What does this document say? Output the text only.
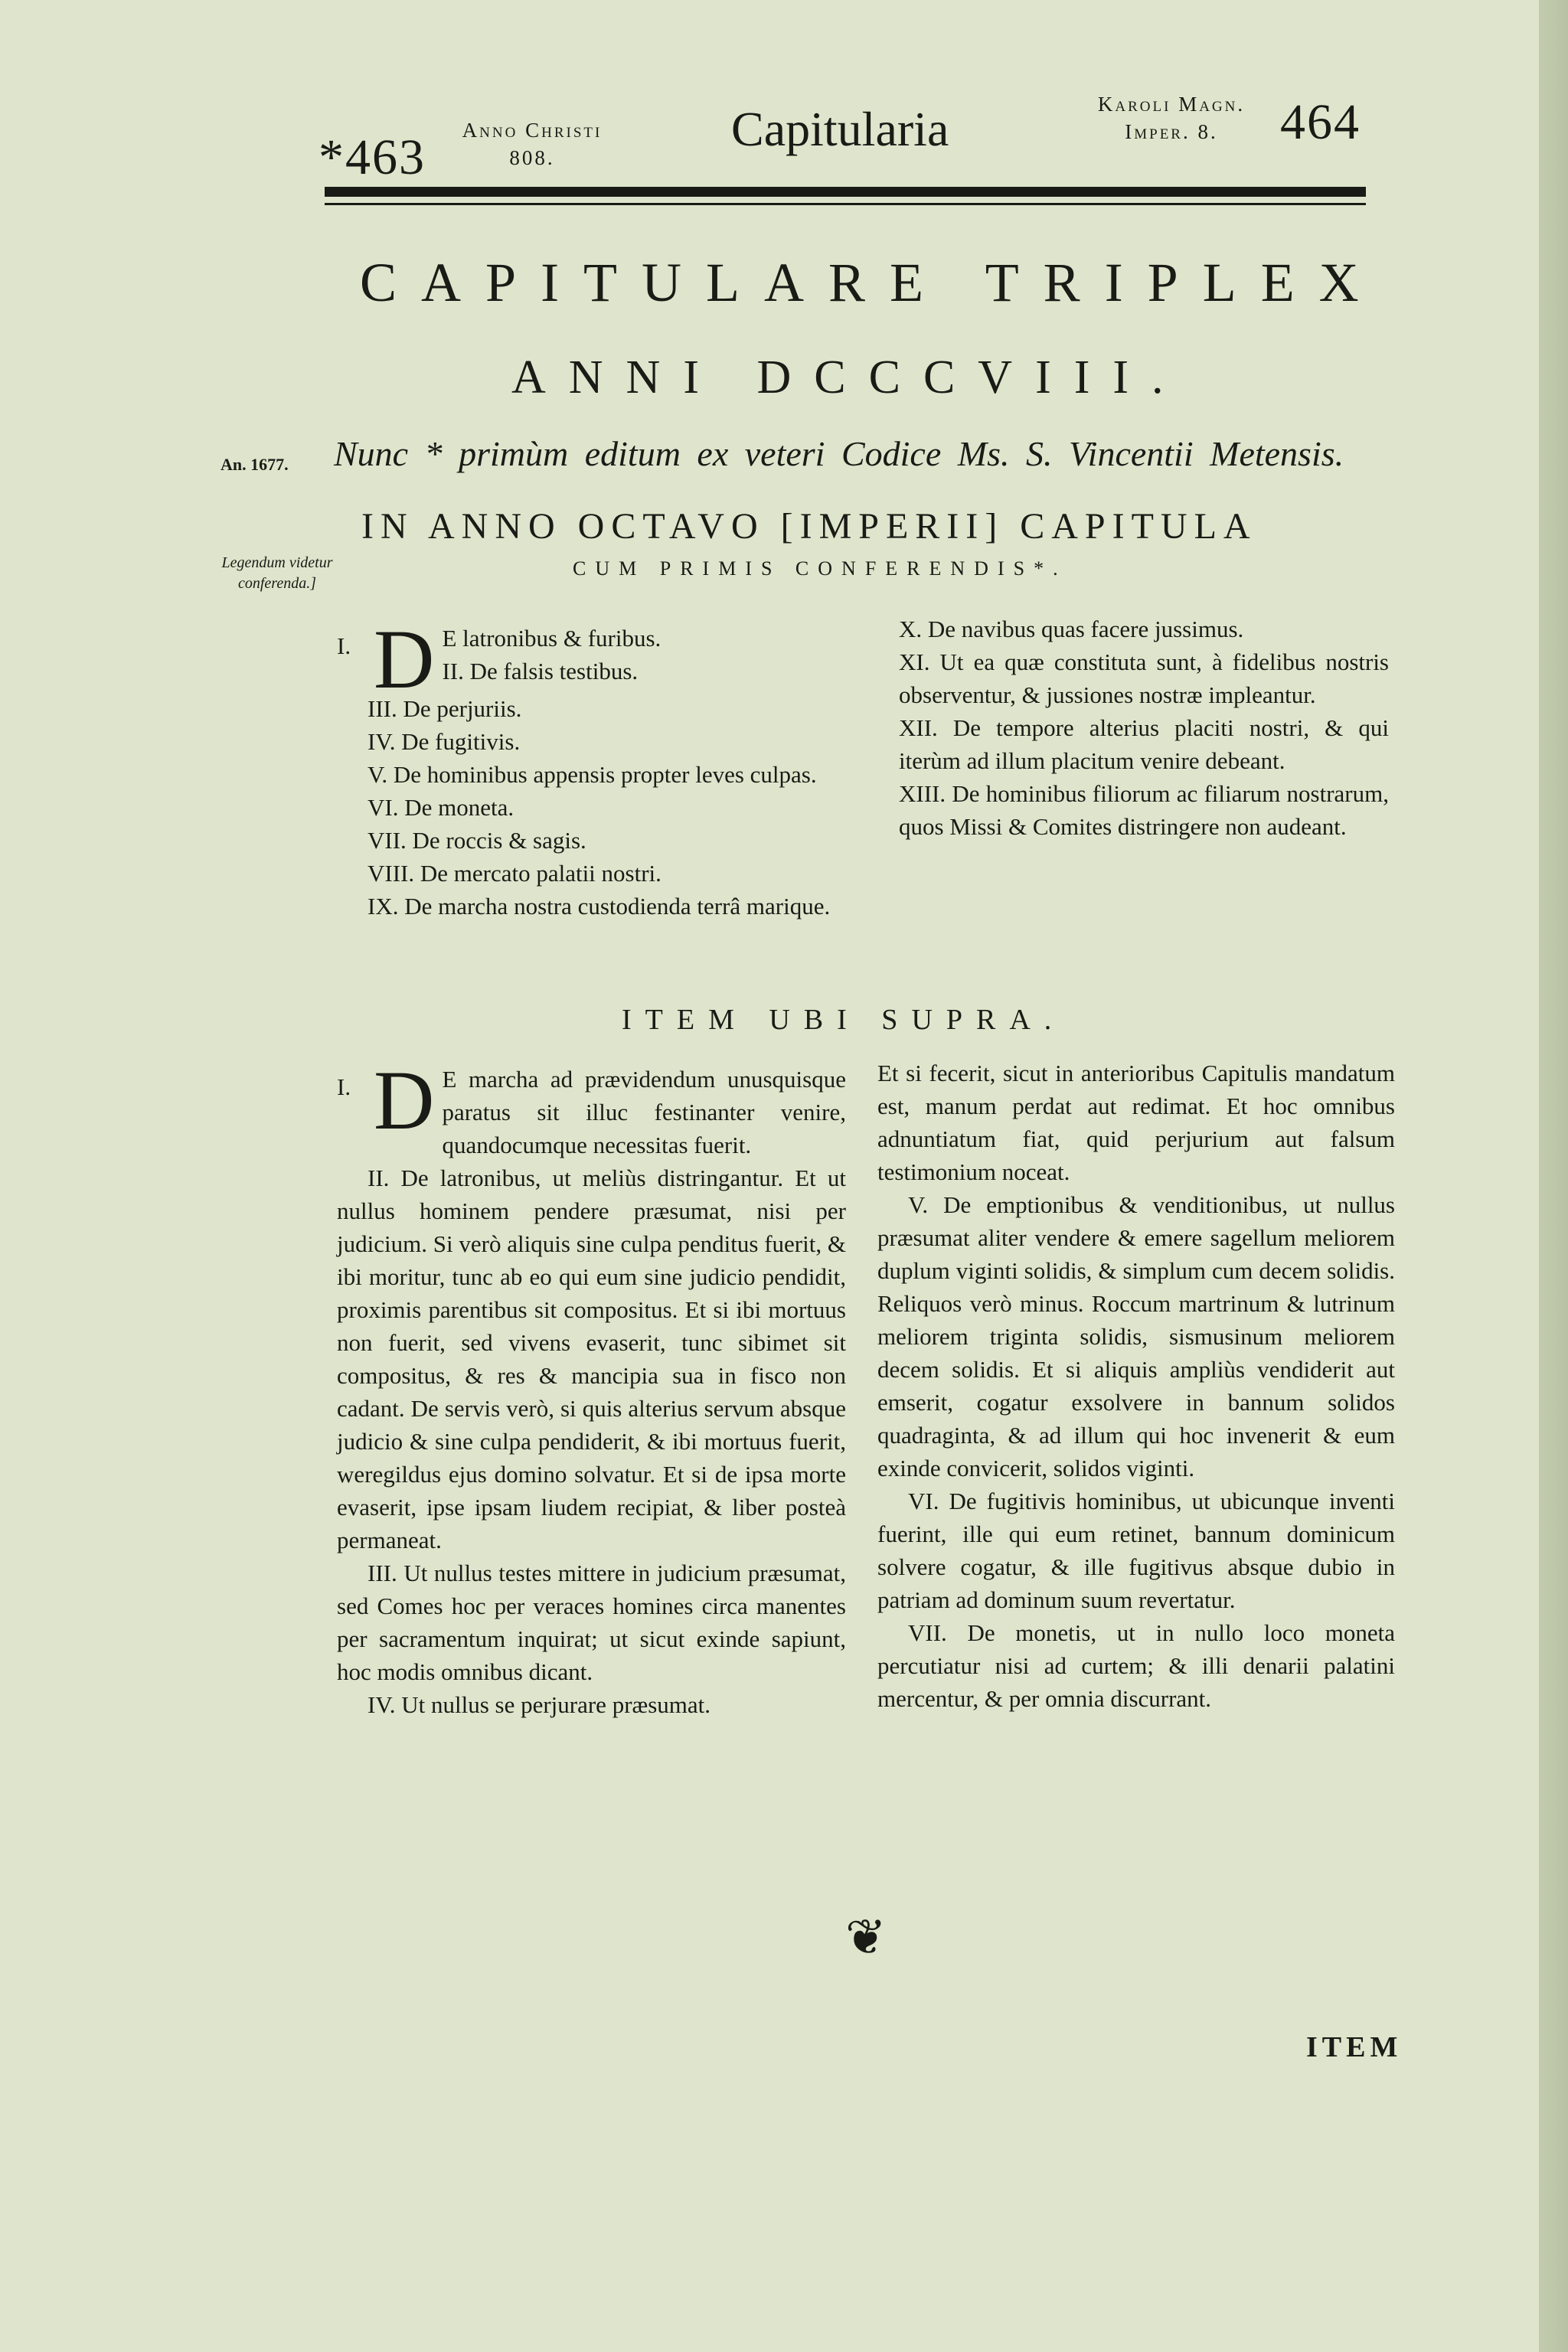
*463	Anno Christi
808.
Capitularia	Karoli Magn.
Imper. 8.	464
CAPITULARE TRIPLEX
ANNI DCCCVIII.
An. 1677. Nunc * primùm editum ex veteri Codice Ms. S. Vincentii Metensis.
IN ANNO OCTAVO [IMPERII] CAPITULA
CUM PRIMIS CONFERENDIS*.
Legendum videtur conferenda.]
I. D E latronibus & furibus.

II. De falsis testibus.

III. De perjuriis.

IV. De fugitivis.

V. De hominibus appensis propter leves culpas.

VI. De moneta.

VII. De roccis & sagis.

VIII. De mercato palatii nostri.

IX. De marcha nostra custodienda terrâ marique.

X. De navibus quas facere jussimus.

XI. Ut ea quæ constituta sunt, à fidelibus nostris observentur, & jussiones nostræ impleantur.

XII. De tempore alterius placiti nostri, & qui iterùm ad illum placitum venire debeant.

XIII. De hominibus filiorum ac filiarum nostrarum, quos Missi & Comites distringere non audeant.

ITEM UBI SUPRA.
I. D E marcha ad prævidendum unusquisque paratus sit illuc festinanter venire, quandocumque necessitas fuerit.

II. De latronibus, ut meliùs distringantur. Et ut nullus hominem pendere præsumat, nisi per judicium. Si verò aliquis sine culpa penditus fuerit, & ibi moritur, tunc ab eo qui eum sine judicio pendidit, proximis parentibus sit compositus. Et si ibi mortuus non fuerit, sed vivens evaserit, tunc sibimet sit compositus, & res & mancipia sua in fisco non cadant. De servis verò, si quis alterius servum absque judicio & sine culpa pendiderit, & ibi mortuus fuerit, weregildus ejus domino solvatur. Et si de ipsa morte evaserit, ipse ipsam liudem recipiat, & liber posteà permaneat.

III. Ut nullus testes mittere in judicium præsumat, sed Comes hoc per veraces homines circa manentes per sacramentum inquirat; ut sicut exinde sapiunt, hoc modis omnibus dicant.

IV. Ut nullus se perjurare præsumat.

Et si fecerit, sicut in anterioribus Capitulis mandatum est, manum perdat aut redimat. Et hoc omnibus adnuntiatum fiat, quid perjurium aut falsum testimonium noceat.

V. De emptionibus & venditionibus, ut nullus præsumat aliter vendere & emere sagellum meliorem duplum viginti solidis, & simplum cum decem solidis. Reliquos verò minus. Roccum martrinum & lutrinum meliorem triginta solidis, sismusinum meliorem decem solidis. Et si aliquis ampliùs vendiderit aut emserit, cogatur exsolvere in bannum solidos quadraginta, & ad illum qui hoc invenerit & eum exinde convicerit, solidos viginti.

VI. De fugitivis hominibus, ut ubicunque inventi fuerint, ille qui eum retinet, bannum dominicum solvere cogatur, & ille fugitivus absque dubio in patriam ad dominum suum revertatur.

VII. De monetis, ut in nullo loco moneta percutiatur nisi ad curtem; & illi denarii palatini mercentur, & per omnia discurrant.

❦
ITEM
